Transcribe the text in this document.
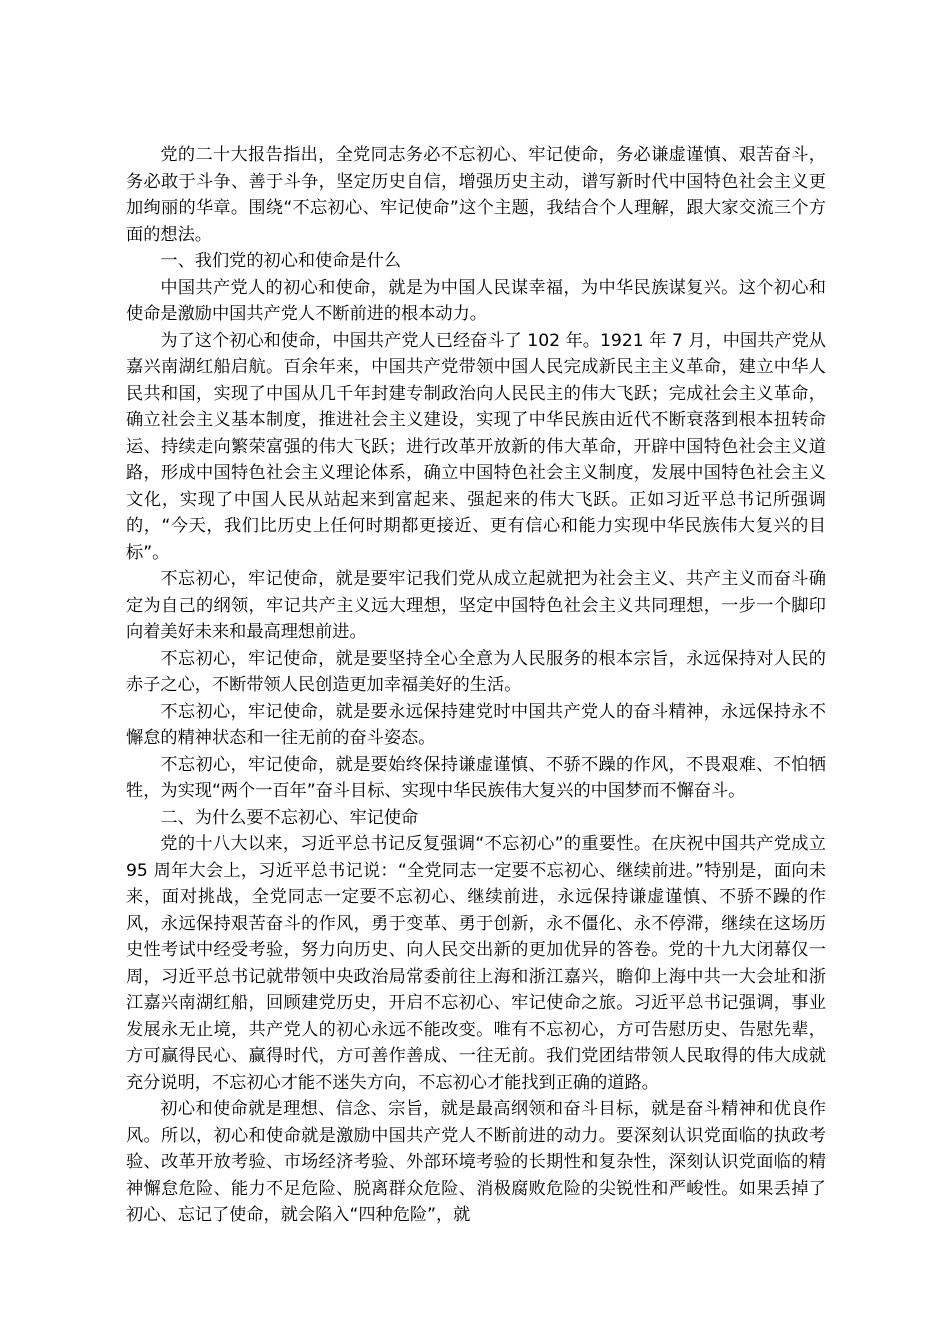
党的二十大报告指出，全党同志务必不忘初心、牢记使命，务必谦虚谨慎、艰苦奋斗，务必敢于斗争、善于斗争，坚定历史自信，增强历史主动，谱写新时代中国特色社会主义更加绚丽的华章。围绕“不忘初心、牢记使命”这个主题，我结合个人理解，跟大家交流三个方面的想法。

一、我们党的初心和使命是什么

中国共产党人的初心和使命，就是为中国人民谋幸福，为中华民族谋复兴。这个初心和使命是激励中国共产党人不断前进的根本动力。

为了这个初心和使命，中国共产党人已经奋斗了 102 年。1921 年 7 月，中国共产党从嘉兴南湖红船启航。百余年来，中国共产党带领中国人民完成新民主主义革命，建立中华人民共和国，实现了中国从几千年封建专制政治向人民民主的伟大飞跃；完成社会主义革命，确立社会主义基本制度，推进社会主义建设，实现了中华民族由近代不断衰落到根本扭转命运、持续走向繁荣富强的伟大飞跃；进行改革开放新的伟大革命，开辟中国特色社会主义道路，形成中国特色社会主义理论体系，确立中国特色社会主义制度，发展中国特色社会主义文化，实现了中国人民从站起来到富起来、强起来的伟大飞跃。正如习近平总书记所强调的，“今天，我们比历史上任何时期都更接近、更有信心和能力实现中华民族伟大复兴的目标”。

不忘初心，牢记使命，就是要牢记我们党从成立起就把为社会主义、共产主义而奋斗确定为自己的纲领，牢记共产主义远大理想，坚定中国特色社会主义共同理想，一步一个脚印向着美好未来和最高理想前进。

不忘初心，牢记使命，就是要坚持全心全意为人民服务的根本宗旨，永远保持对人民的赤子之心，不断带领人民创造更加幸福美好的生活。

不忘初心，牢记使命，就是要永远保持建党时中国共产党人的奋斗精神，永远保持永不懈怠的精神状态和一往无前的奋斗姿态。

不忘初心，牢记使命，就是要始终保持谦虚谨慎、不骄不躁的作风，不畏艰难、不怕牺牲，为实现“两个一百年”奋斗目标、实现中华民族伟大复兴的中国梦而不懈奋斗。

二、为什么要不忘初心、牢记使命

党的十八大以来，习近平总书记反复强调“不忘初心”的重要性。在庆祝中国共产党成立 95 周年大会上，习近平总书记说：“全党同志一定要不忘初心、继续前进。”特别是，面向未来，面对挑战，全党同志一定要不忘初心、继续前进，永远保持谦虚谨慎、不骄不躁的作风，永远保持艰苦奋斗的作风，勇于变革、勇于创新，永不僵化、永不停滞，继续在这场历史性考试中经受考验，努力向历史、向人民交出新的更加优异的答卷。党的十九大闭幕仅一周，习近平总书记就带领中央政治局常委前往上海和浙江嘉兴，瞻仰上海中共一大会址和浙江嘉兴南湖红船，回顾建党历史，开启不忘初心、牢记使命之旅。习近平总书记强调，事业发展永无止境，共产党人的初心永远不能改变。唯有不忘初心，方可告慰历史、告慰先辈，方可赢得民心、赢得时代，方可善作善成、一往无前。我们党团结带领人民取得的伟大成就充分说明，不忘初心才能不迷失方向，不忘初心才能找到正确的道路。

初心和使命就是理想、信念、宗旨，就是最高纲领和奋斗目标，就是奋斗精神和优良作风。所以，初心和使命就是激励中国共产党人不断前进的动力。要深刻认识党面临的执政考验、改革开放考验、市场经济考验、外部环境考验的长期性和复杂性，深刻认识党面临的精神懈怠危险、能力不足危险、脱离群众危险、消极腐败危险的尖锐性和严峻性。如果丢掉了初心、忘记了使命，就会陷入“四种危险”，就
